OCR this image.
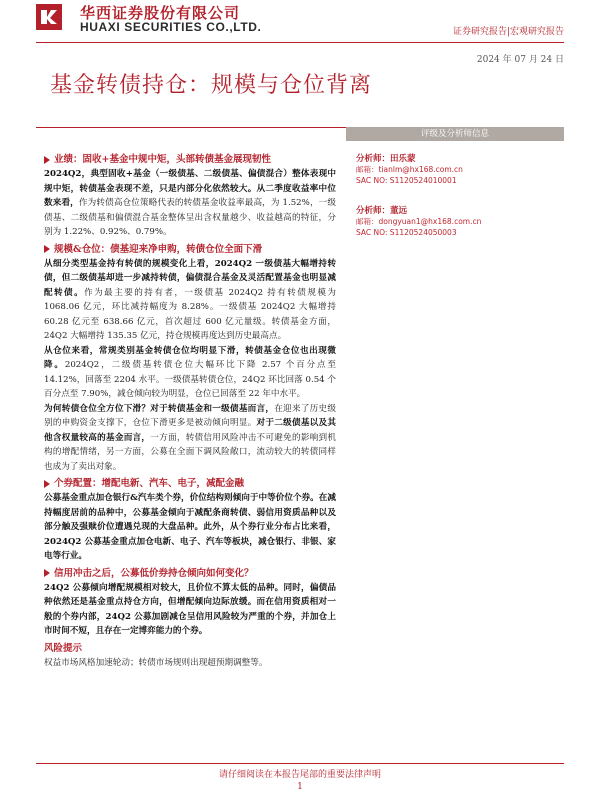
华西证券股份有限公司
HUAXI SECURITIES CO.,LTD.	证券研究报告|宏观研究报告
2024 年 07 月 24 日
基金转债持仓：规模与仓位背离
评级及分析师信息
分析师：田乐蒙
邮箱：tianlm@hx168.com.cn
SAC NO: S1120524010001
分析师：董远
邮箱：dongyuan1@hx168.com.cn
SAC NO: S1120524050003
业绩：固收+基金中规中矩，头部转债基金展现韧性

2024Q2，典型固收+基金（一级债基、二级债基、偏债混合）整体表现中规中矩，转债基金表现不差，只是内部分化依然较大。从二季度收益率中位数来看，作为转债高仓位策略代表的转债基金收益率最高，为 1.52%，一级债基、二级债基和偏债混合基金整体呈出含权量越少、收益越高的特征，分别为 1.22%、0.92%、0.79%。

规模&仓位：债基迎来净申购，转债仓位全面下滑

从细分类型基金持有转债的规模变化上看，2024Q2 一级债基大幅增持转债，但二级债基却进一步减持转债，偏债混合基金及灵活配置基金也明显减配转债。作为最主要的持有者，一级债基 2024Q2 持有转债规模为 1068.06 亿元，环比减持幅度为 8.28%。一级债基 2024Q2 大幅增持 60.28 亿元至 638.66 亿元，首次超过 600 亿元量级。转债基金方面，24Q2 大幅增持 135.35 亿元，持仓规模再度达到历史最高点。

从仓位来看，常规类别基金转债仓位均明显下滑，转债基金仓位也出现微降。2024Q2，二级债基转债仓位大幅环比下降 2.57 个百分点至 14.12%，回落至 2204 水平。一级债基转债仓位，24Q2 环比回落 0.54 个百分点至 7.90%，减仓倾向较为明显，仓位已回落至 22 年中水平。

为何转债仓位全方位下滑？对于转债基金和一级债基而言，在迎来了历史级别的申购资金支撑下，仓位下滑更多是被动倾向明显。对于二级债基以及其他含权量较高的基金而言，一方面，转债信用风险冲击不可避免的影响到机构的增配情绪，另一方面，公募在全面下调风险敞口，流动较大的转债同样也成为了卖出对象。

个券配置：增配电新、汽车、电子，减配金融

公募基金重点加仓银行&汽车类个券，价位结构则倾向于中等价位个券。在减持幅度居前的品种中，公募基金倾向于减配条商转债、弱信用资质品种以及部分触及强赎价位遭遇兑现的大盘品种。此外，从个券行业分布占比来看，2024Q2 公募基金重点加仓电新、电子、汽车等板块，减仓银行、非银、家电等行业。

信用冲击之后，公募低价券持仓倾向如何变化？

24Q2 公募倾向增配规模相对较大，且价位不算太低的品种。同时，偏债品种依然还是基金重点持仓方向，但增配倾向边际放缓。而在信用资质相对一般的个券内部，24Q2 公募加剧减仓呈信用风险较为严重的个券，并加仓上市时间不短，且存在一定博弈能力的个券。

风险提示

权益市场风格加速轮动；转债市场规则出现超预期调整等。

请仔细阅读在本报告尾部的重要法律声明
1
